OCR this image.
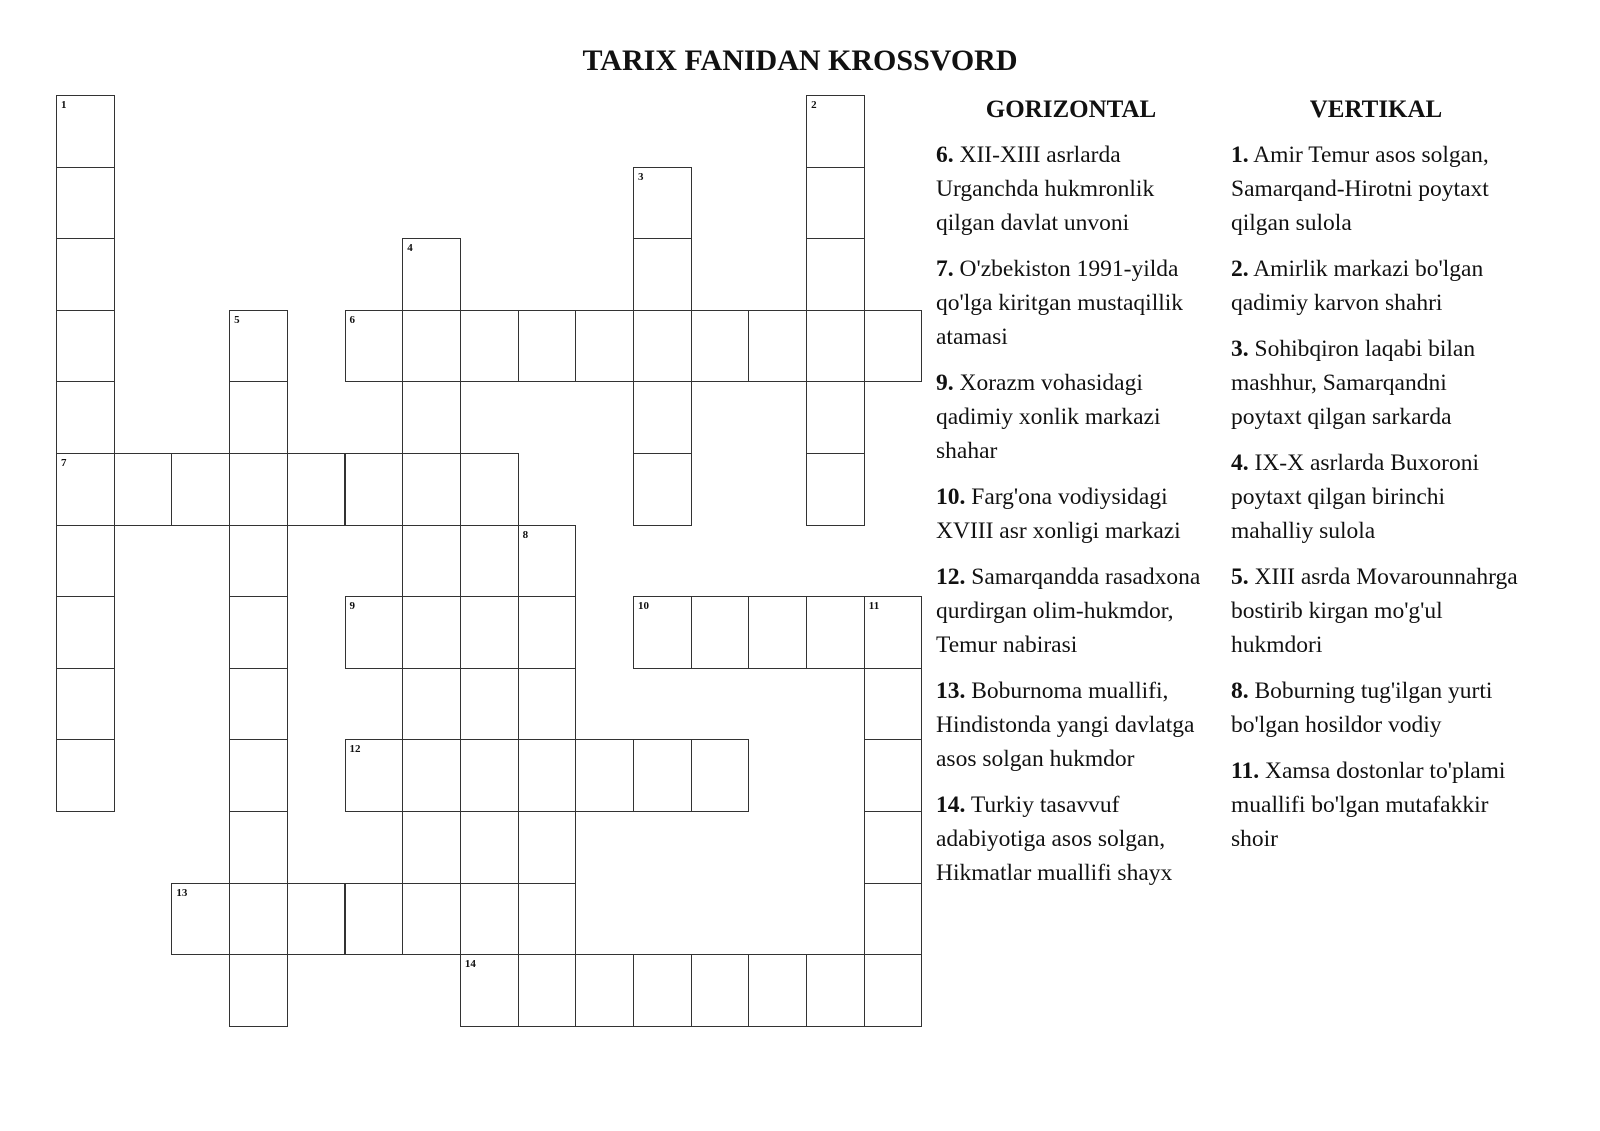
TARIX FANIDAN KROSSVORD
1
7
2
3
4
5	6
8
9	10	11
12
13
14
GORIZONTAL
6. XII-XIII asrlarda Urganchda hukmronlik qilgan davlat unvoni
7. O'zbekiston 1991-yilda qo'lga kiritgan mustaqillik atamasi
9. Xorazm vohasidagi qadimiy xonlik markazi shahar
10. Farg'ona vodiysidagi XVIII asr xonligi markazi
12. Samarqandda rasadxona qurdirgan olim-hukmdor, Temur nabirasi
13. Boburnoma muallifi, Hindistonda yangi davlatga asos solgan hukmdor
14. Turkiy tasavvuf adabiyotiga asos solgan, Hikmatlar muallifi shayx
VERTIKAL
1. Amir Temur asos solgan, Samarqand-Hirotni poytaxt qilgan sulola
2. Amirlik markazi bo'lgan qadimiy karvon shahri
3. Sohibqiron laqabi bilan mashhur, Samarqandni poytaxt qilgan sarkarda
4. IX-X asrlarda Buxoroni poytaxt qilgan birinchi mahalliy sulola
5. XIII asrda Movarounnahrga bostirib kirgan mo'g'ul hukmdori
8. Boburning tug'ilgan yurti bo'lgan hosildor vodiy
11. Xamsa dostonlar to'plami muallifi bo'lgan mutafakkir shoir
